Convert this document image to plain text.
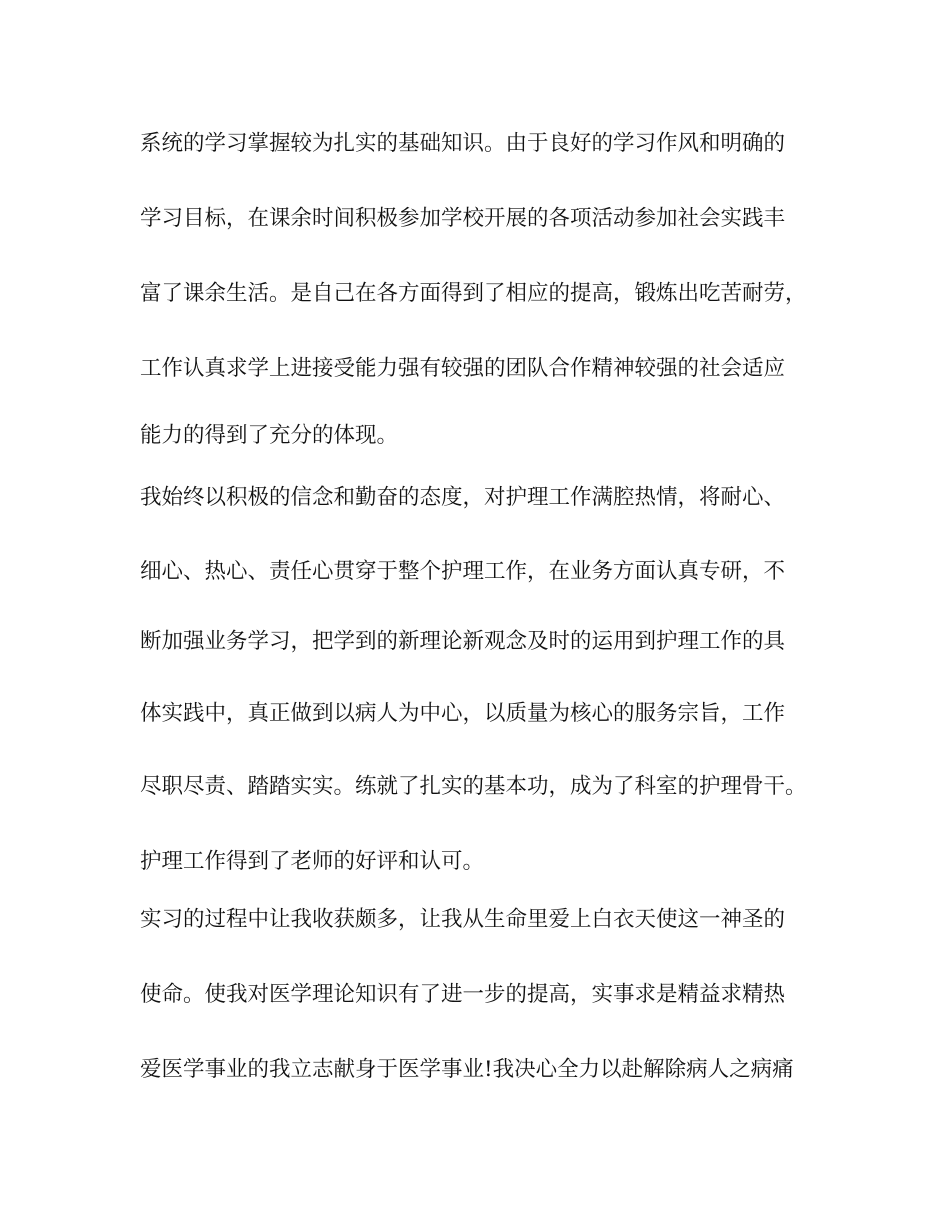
系统的学习掌握较为扎实的基础知识。由于良好的学习作风和明确的
学习目标，在课余时间积极参加学校开展的各项活动参加社会实践丰
富了课余生活。是自己在各方面得到了相应的提高，锻炼出吃苦耐劳，
工作认真求学上进接受能力强有较强的团队合作精神较强的社会适应
能力的得到了充分的体现。
我始终以积极的信念和勤奋的态度，对护理工作满腔热情，将耐心、
细心、热心、责任心贯穿于整个护理工作，在业务方面认真专研，不
断加强业务学习，把学到的新理论新观念及时的运用到护理工作的具
体实践中，真正做到以病人为中心，以质量为核心的服务宗旨，工作
尽职尽责、踏踏实实。练就了扎实的基本功，成为了科室的护理骨干。
护理工作得到了老师的好评和认可。
实习的过程中让我收获颇多，让我从生命里爱上白衣天使这一神圣的
使命。使我对医学理论知识有了进一步的提高，实事求是精益求精热
爱医学事业的我立志献身于医学事业!我决心全力以赴解除病人之病痛
